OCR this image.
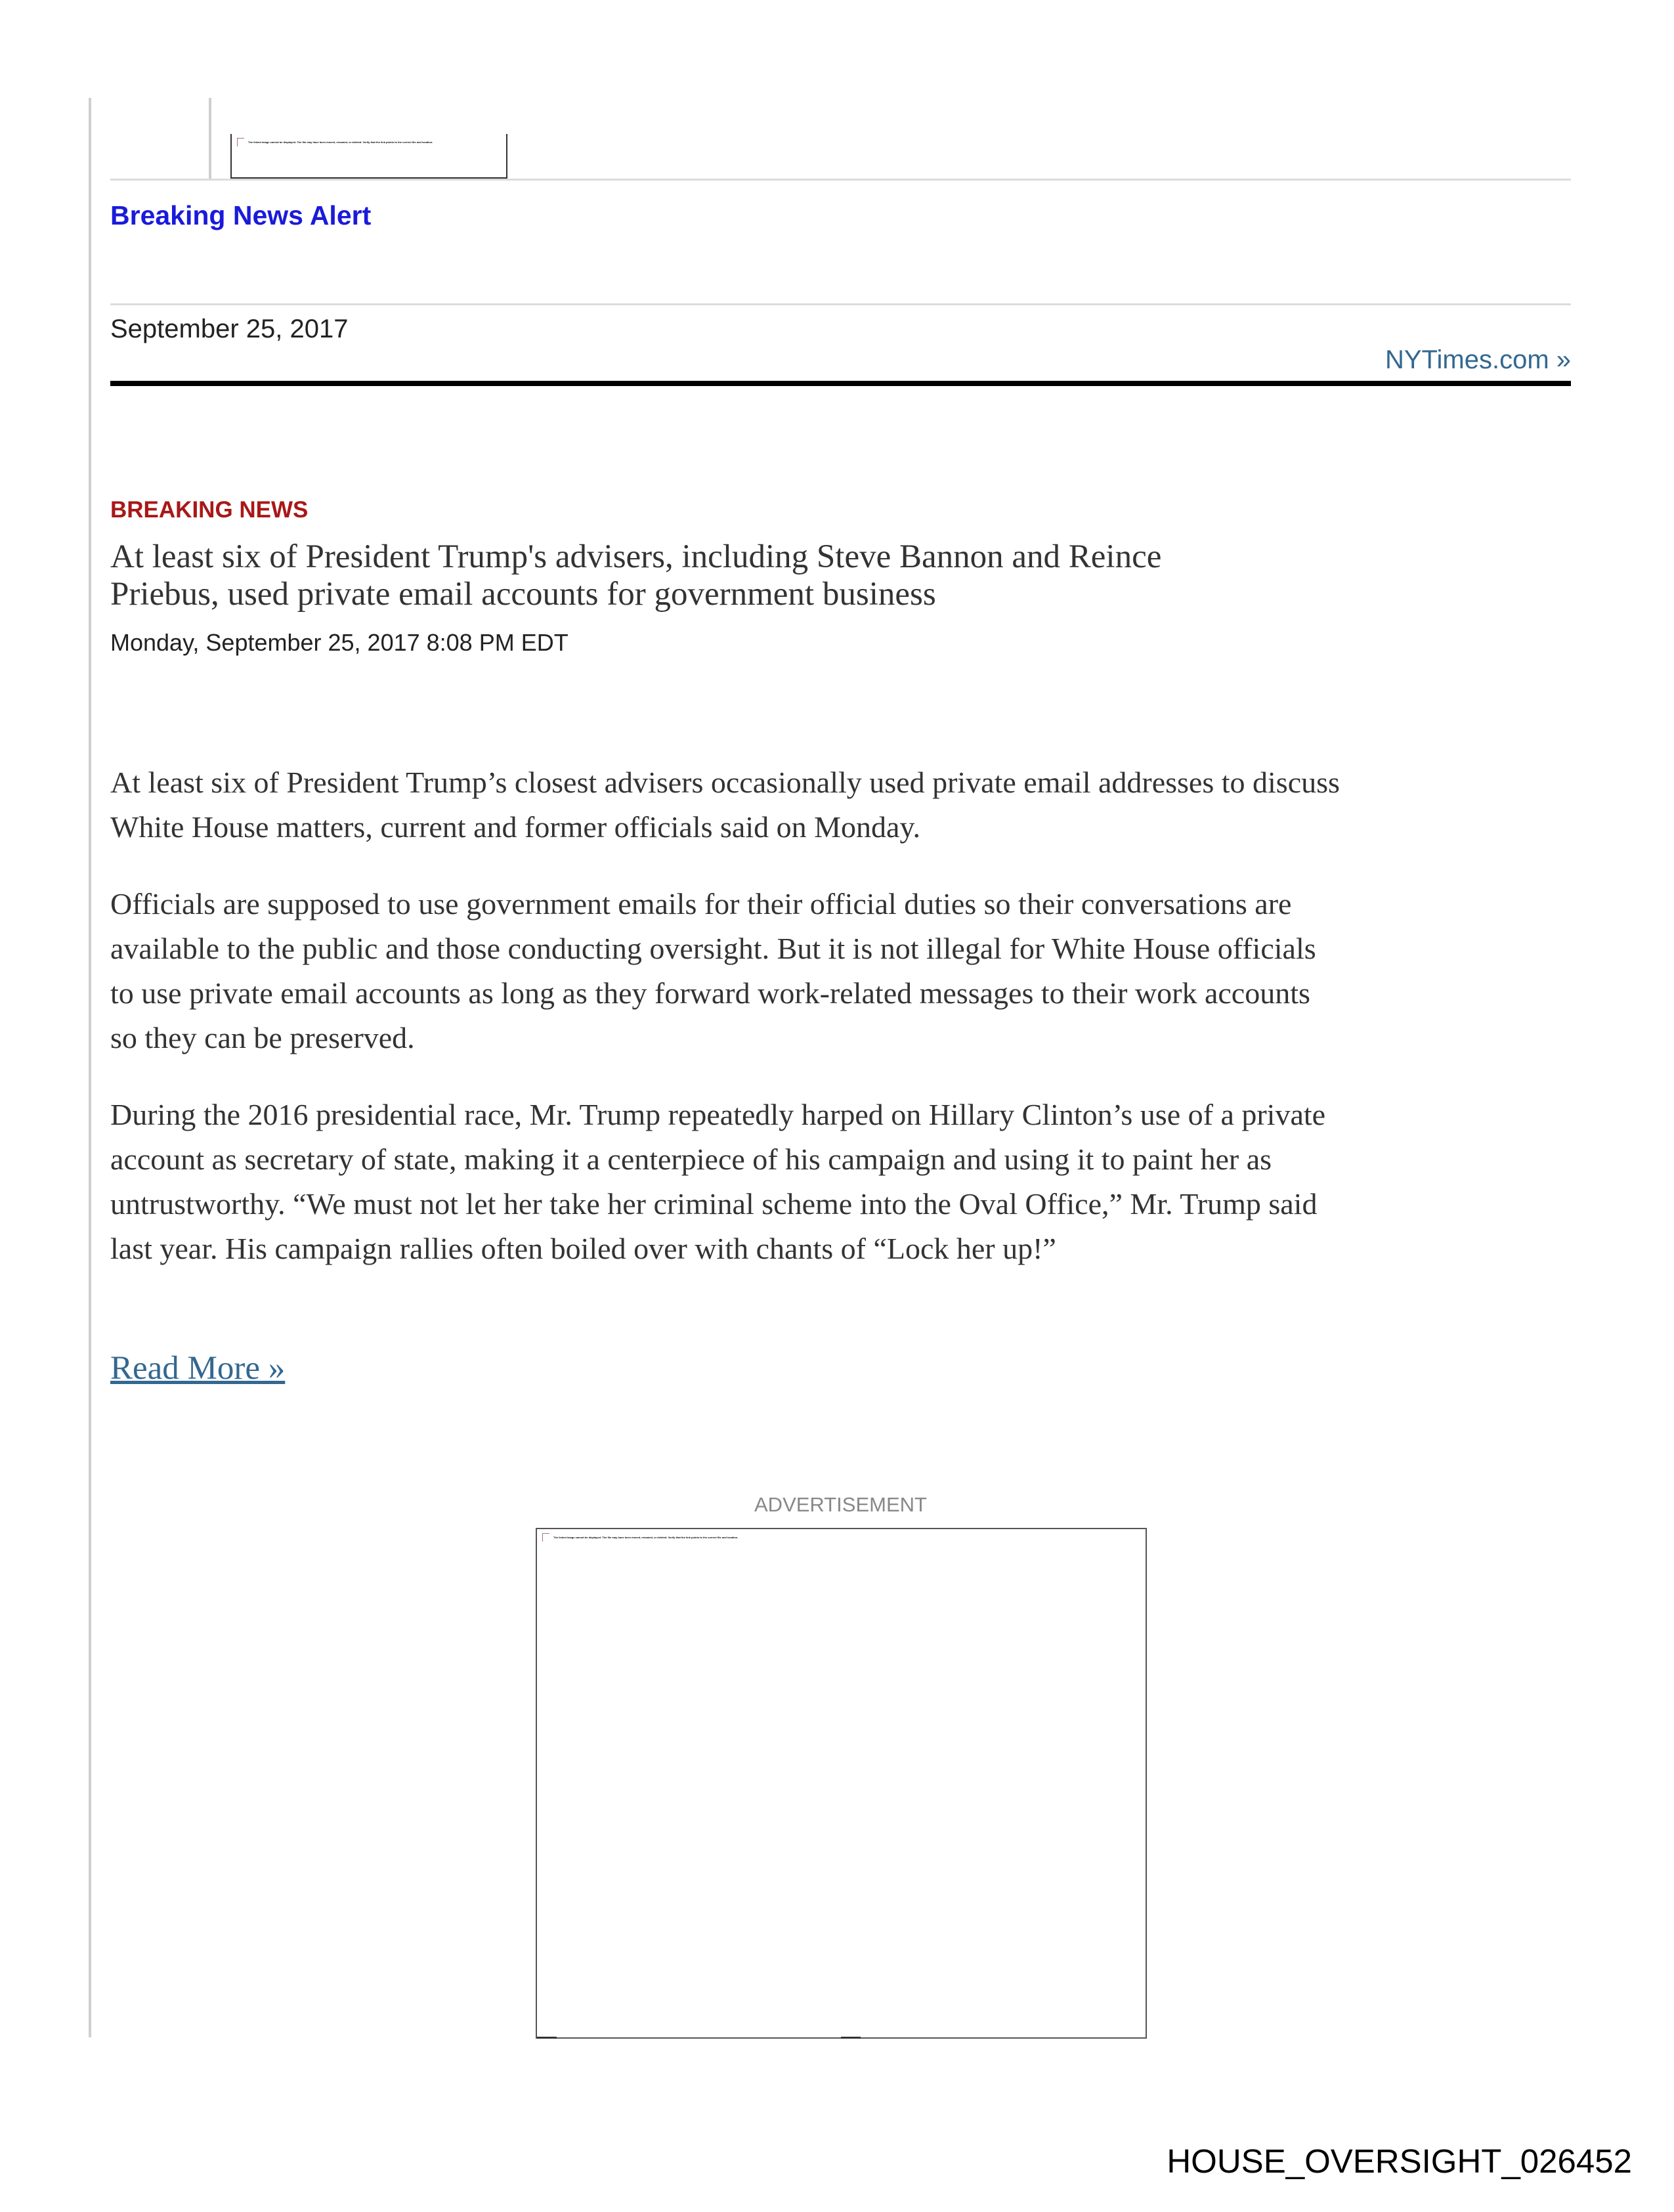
The linked image cannot be displayed. The file may have been moved, renamed, or deleted. Verify that the link points to the correct file and location.
Breaking News Alert
September 25, 2017
NYTimes.com »
BREAKING NEWS
At least six of President Trump's advisers, including Steve Bannon and Reince Priebus, used private email accounts for government business
Monday, September 25, 2017 8:08 PM EDT

At least six of President Trump’s closest advisers occasionally used private email addresses to discuss White House matters, current and former officials said on Monday.

Officials are supposed to use government emails for their official duties so their conversations are available to the public and those conducting oversight. But it is not illegal for White House officials to use private email accounts as long as they forward work-related messages to their work accounts so they can be preserved.

During the 2016 presidential race, Mr. Trump repeatedly harped on Hillary Clinton’s use of a private account as secretary of state, making it a centerpiece of his campaign and using it to paint her as untrustworthy. “We must not let her take her criminal scheme into the Oval Office,” Mr. Trump said last year. His campaign rallies often boiled over with chants of “Lock her up!”

Read More »
ADVERTISEMENT
The linked image cannot be displayed. The file may have been moved, renamed, or deleted. Verify that the link points to the correct file and location.
HOUSE_OVERSIGHT_026452
